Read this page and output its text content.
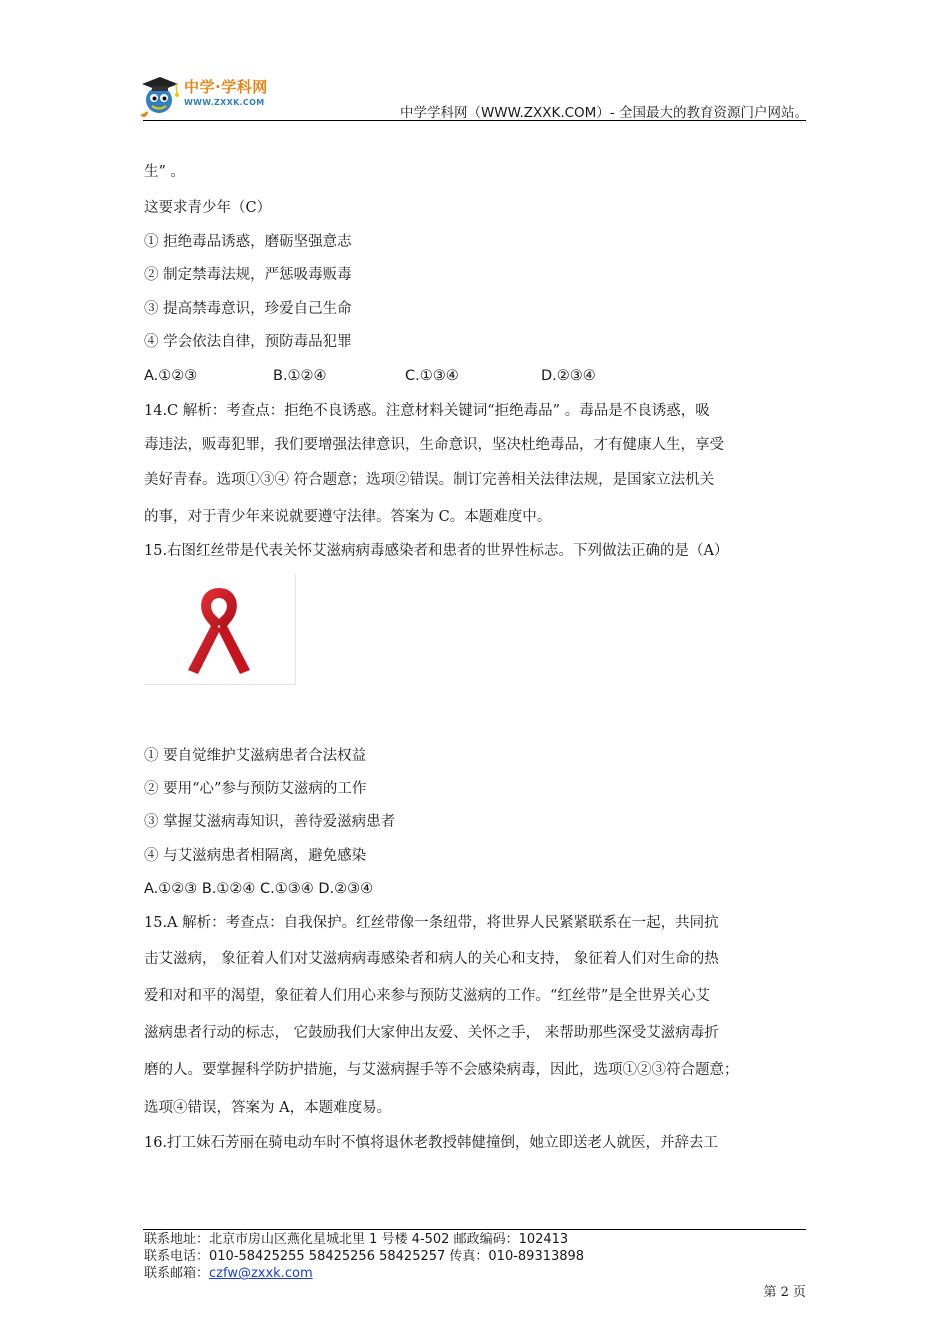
中学·学科网
WWW.ZXXK.COM
中学学科网（WWW.ZXXK.COM）- 全国最大的教育资源门户网站。
生” 。
这要求青少年（C）
① 拒绝毒品诱惑，磨砺坚强意志
② 制定禁毒法规，严惩吸毒贩毒
③ 提高禁毒意识，珍爱自己生命
④ 学会依法自律，预防毒品犯罪
A.①②③	B.①②④	C.①③④	D.②③④
14.C 解析：考查点：拒绝不良诱惑。注意材料关键词“拒绝毒品” 。毒品是不良诱惑，吸
毒违法，贩毒犯罪，我们要增强法律意识，生命意识，坚决杜绝毒品，才有健康人生，享受
美好青春。选项①③④ 符合题意；选项②错误。制订完善相关法律法规，是国家立法机关
的事，对于青少年来说就要遵守法律。答案为 C。本题难度中。
15.右图红丝带是代表关怀艾滋病病毒感染者和患者的世界性标志。下列做法正确的是（A）
① 要自觉维护艾滋病患者合法权益
② 要用“心”参与预防艾滋病的工作
③ 掌握艾滋病毒知识，善待爱滋病患者
④ 与艾滋病患者相隔离，避免感染
A.①②③ B.①②④ C.①③④ D.②③④
15.A 解析：考查点：自我保护。红丝带像一条纽带，将世界人民紧紧联系在一起，共同抗
击艾滋病， 象征着人们对艾滋病病毒感染者和病人的关心和支持， 象征着人们对生命的热
爱和对和平的渴望，象征着人们用心来参与预防艾滋病的工作。“红丝带”是全世界关心艾
滋病患者行动的标志， 它鼓励我们大家伸出友爱、关怀之手， 来帮助那些深受艾滋病毒折
磨的人。要掌握科学防护措施，与艾滋病握手等不会感染病毒，因此，选项①②③符合题意；
选项④错误，答案为 A，本题难度易。
16.打工妹石芳丽在骑电动车时不慎将退休老教授韩健撞倒，她立即送老人就医，并辞去工
联系地址：北京市房山区燕化星城北里 1 号楼 4-502 邮政编码：102413
联系电话：010-58425255 58425256 58425257 传真：010-89313898
联系邮箱：czfw@zxxk.com
第 2 页
